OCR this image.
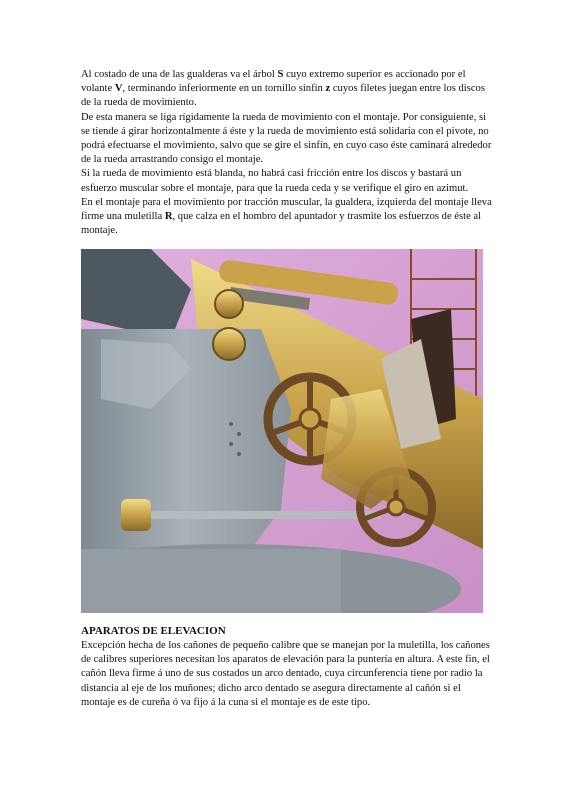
Al costado de una de las gualderas va el árbol S cuyo extremo superior es accionado por el volante V, terminando inferiormente en un tornillo sinfín z cuyos filetes juegan entre los discos de la rueda de movimiento.

De esta manera se liga rígidamente la rueda de movimiento con el montaje. Por consiguiente, si se tiende á girar horizontalmente á éste y la rueda de movimiento está solidaria con el pivote, no podrá efectuarse el movimiento, salvo que se gire el sinfín, en cuyo caso éste caminará alrededor de la rueda arrastrando consigo el montaje.

Si la rueda de movimiento está blanda, no habrá casi fricción entre los discos y bastará un esfuerzo muscular sobre el montaje, para que la rueda ceda y se verifique el giro en azimut.

En el montaje para el movimiento por tracción muscular, la gualdera, izquierda del montaje lleva firme una muletilla R, que calza en el hombro del apuntador y trasmite los esfuerzos de éste al montaje.

APARATOS DE ELEVACION

Excepción hecha de los cañones de pequeño calibre que se manejan por la muletilla, los cañones de calibres superiores necesitan los aparatos de elevación para la puntería en altura. A este fin, el cañón lleva firme á uno de sus costados un arco dentado, cuya circunferencia tiene por radio la distancia al eje de los muñones; dicho arco dentado se asegura directamente al cañón si el montaje es de cureña ó va fijo á la cuna si el montaje es de este tipo.
